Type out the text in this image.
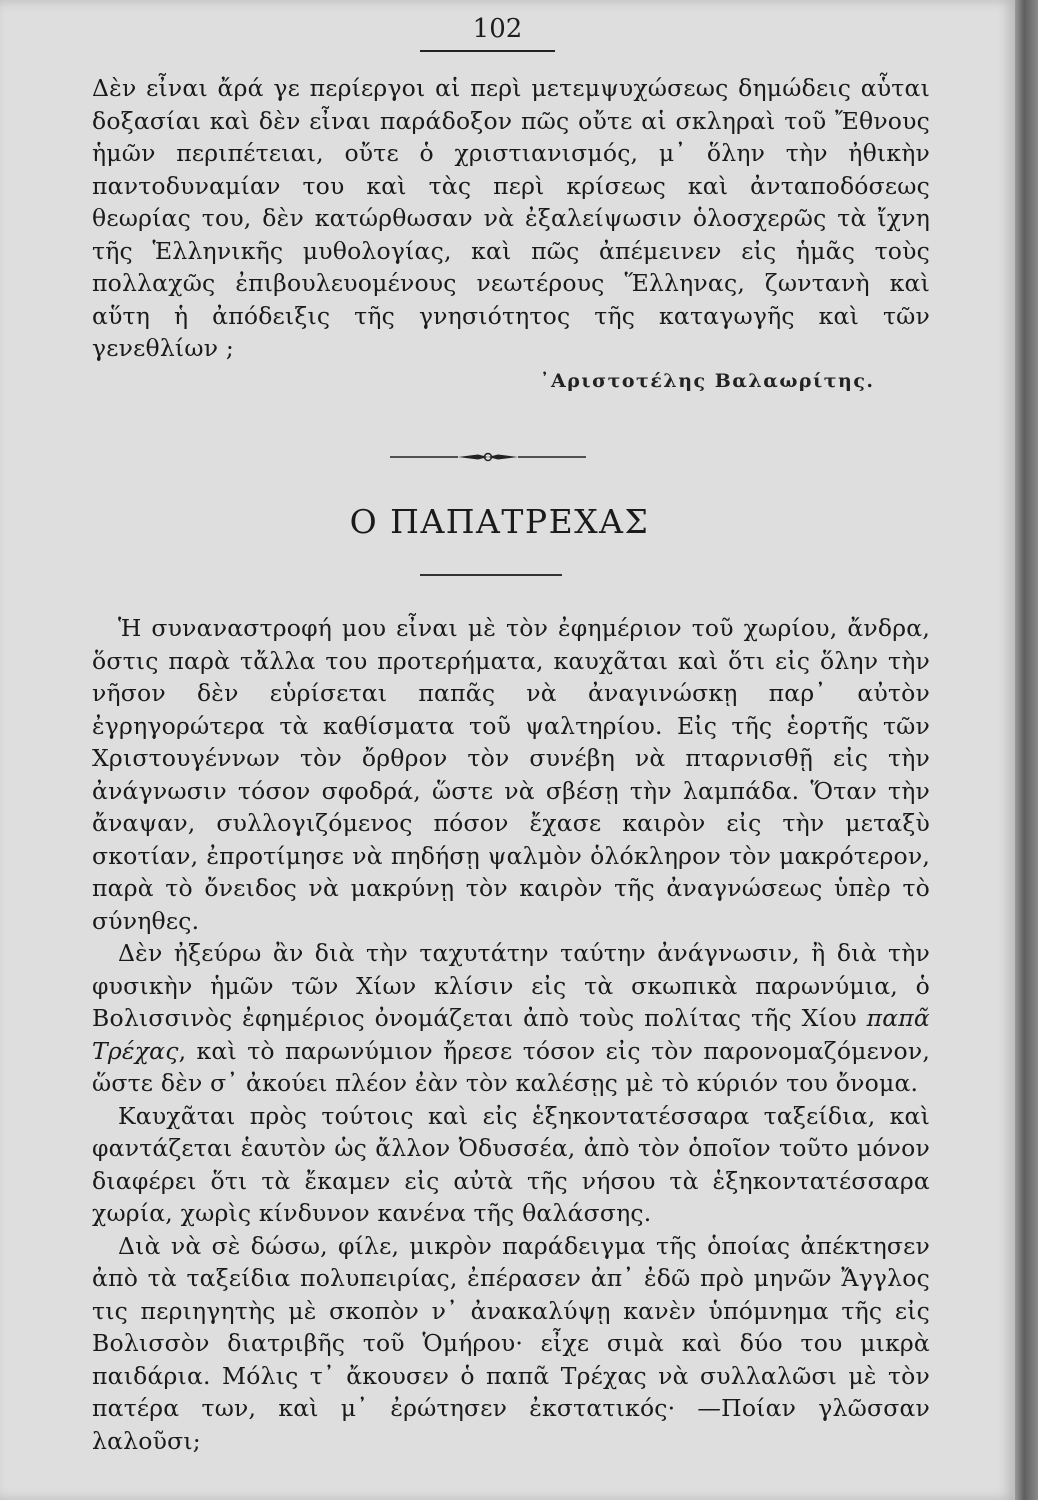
102

Δὲν εἶναι ἄρά γε περίεργοι αἱ περὶ μετεμψυχώσεως δημώδεις αὗται δοξασίαι καὶ δὲν εἶναι παράδοξον πῶς οὔτε αἱ σκληραὶ τοῦ Ἔθνους ἡμῶν περιπέτειαι, οὔτε ὁ χριστιανισμός, μ᾽ ὅλην τὴν ἠθικὴν παντοδυναμίαν του καὶ τὰς περὶ κρίσεως καὶ ἀνταποδόσεως θεωρίας του, δὲν κατώρθωσαν νὰ ἐξαλείψωσιν ὁλοσχερῶς τὰ ἴχνη τῆς Ἑλληνικῆς μυθολογίας, καὶ πῶς ἀπέμεινεν εἰς ἡμᾶς τοὺς πολλαχῶς ἐπιβουλευομένους νεωτέρους Ἕλληνας, ζωντανὴ καὶ αὕτη ἡ ἀπόδειξις τῆς γνησιότητος τῆς καταγωγῆς καὶ τῶν γενεθλίων ;

᾽Αριστοτέλης Βαλαωρίτης.
Ο ΠΑΠΑΤΡΕΧΑΣ

Ἡ συναναστροφή μου εἶναι μὲ τὸν ἐφημέριον τοῦ χωρίου, ἄνδρα, ὅστις παρὰ τἄλλα του προτερήματα, καυχᾶται καὶ ὅτι εἰς ὅλην τὴν νῆσον δὲν εὑρίσεται παπᾶς νὰ ἀναγινώσκῃ παρ᾽ αὐτὸν ἐγρηγορώτερα τὰ καθίσματα τοῦ ψαλτηρίου. Εἰς τῆς ἑορτῆς τῶν Χριστουγέννων τὸν ὄρθρον τὸν συνέβη νὰ πταρνισθῇ εἰς τὴν ἀνάγνωσιν τόσον σφοδρά, ὥστε νὰ σβέσῃ τὴν λαμπάδα. Ὅταν τὴν ἄναψαν, συλλογιζόμενος πόσον ἔχασε καιρὸν εἰς τὴν μεταξὺ σκοτίαν, ἐπροτίμησε νὰ πηδήσῃ ψαλμὸν ὁλόκληρον τὸν μακρότερον, παρὰ τὸ ὄνειδος νὰ μακρύνῃ τὸν καιρὸν τῆς ἀναγνώσεως ὑπὲρ τὸ σύνηθες.

Δὲν ἠξεύρω ἂν διὰ τὴν ταχυτάτην ταύτην ἀνάγνωσιν, ἢ διὰ τὴν φυσικὴν ἡμῶν τῶν Χίων κλίσιν εἰς τὰ σκωπικὰ παρωνύμια, ὁ Βολισσινὸς ἐφημέριος ὀνομάζεται ἀπὸ τοὺς πολίτας τῆς Χίου παπᾶ Τρέχας, καὶ τὸ παρωνύμιον ἤρεσε τόσον εἰς τὸν παρονομαζόμενον, ὥστε δὲν σ᾽ ἀκούει πλέον ἐὰν τὸν καλέσῃς μὲ τὸ κύριόν του ὄνομα.

Καυχᾶται πρὸς τούτοις καὶ εἰς ἑξηκοντατέσσαρα ταξείδια, καὶ φαντάζεται ἑαυτὸν ὡς ἄλλον Ὀδυσσέα, ἀπὸ τὸν ὁποῖον τοῦτο μόνον διαφέρει ὅτι τὰ ἔκαμεν εἰς αὐτὰ τῆς νήσου τὰ ἑξηκοντατέσσαρα χωρία, χωρὶς κίνδυνον κανένα τῆς θαλάσσης.

Διὰ νὰ σὲ δώσω, φίλε, μικρὸν παράδειγμα τῆς ὁποίας ἀπέκτησεν ἀπὸ τὰ ταξείδια πολυπειρίας, ἐπέρασεν ἀπ᾽ ἐδῶ πρὸ μηνῶν Ἄγγλος τις περιηγητὴς μὲ σκοπὸν ν᾽ ἀνακαλύψῃ κανὲν ὑπόμνημα τῆς εἰς Βολισσὸν διατριβῆς τοῦ Ὁμήρου· εἶχε σιμὰ καὶ δύο του μικρὰ παιδάρια. Μόλις τ᾽ ἄκουσεν ὁ παπᾶ Τρέχας νὰ συλλαλῶσι μὲ τὸν πατέρα των, καὶ μ᾽ ἐρώτησεν ἐκστατικός· —Ποίαν γλῶσσαν λαλοῦσι;
